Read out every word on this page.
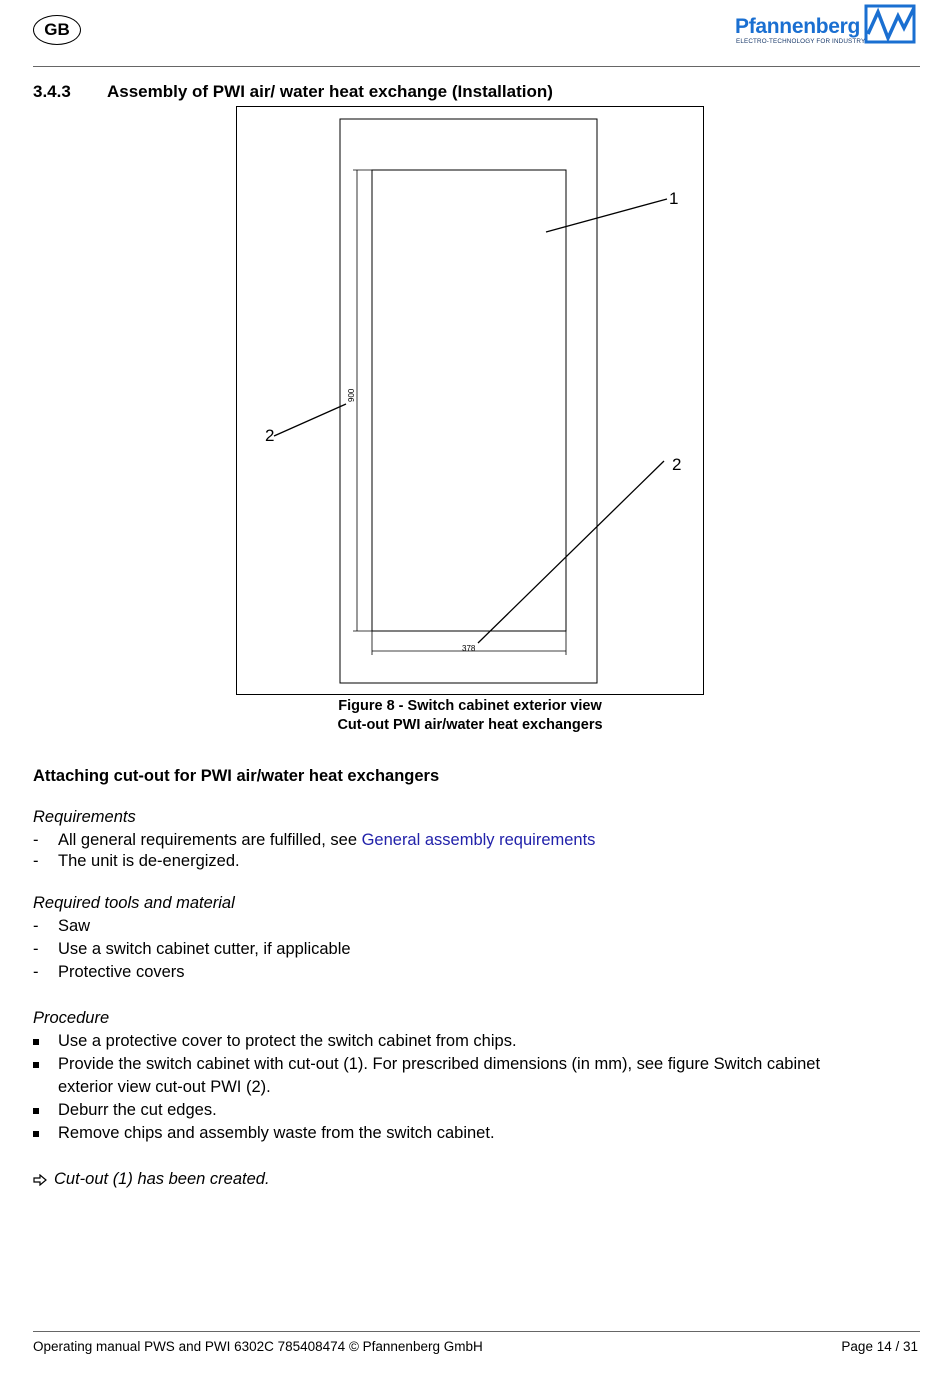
GB	Pfannenberg
ELECTRO-TECHNOLOGY FOR INDUSTRY
3.4.3 Assembly of PWI air/ water heat exchange (Installation)
900
378
1
2
2
Figure 8 - Switch cabinet exterior view
Cut-out PWI air/water heat exchangers
Attaching cut-out for PWI air/water heat exchangers
Requirements
- All general requirements are fulfilled, see General assembly requirements
- The unit is de-energized.
Required tools and material
- Saw
- Use a switch cabinet cutter, if applicable
- Protective covers
Procedure
Use a protective cover to protect the switch cabinet from chips.
Provide the switch cabinet with cut-out (1). For prescribed dimensions (in mm), see figure Switch cabinet
exterior view cut-out PWI (2).
Deburr the cut edges.
Remove chips and assembly waste from the switch cabinet.
Cut-out (1) has been created.
Operating manual PWS and PWI 6302C 785408474 © Pfannenberg GmbH	Page 14 / 31
